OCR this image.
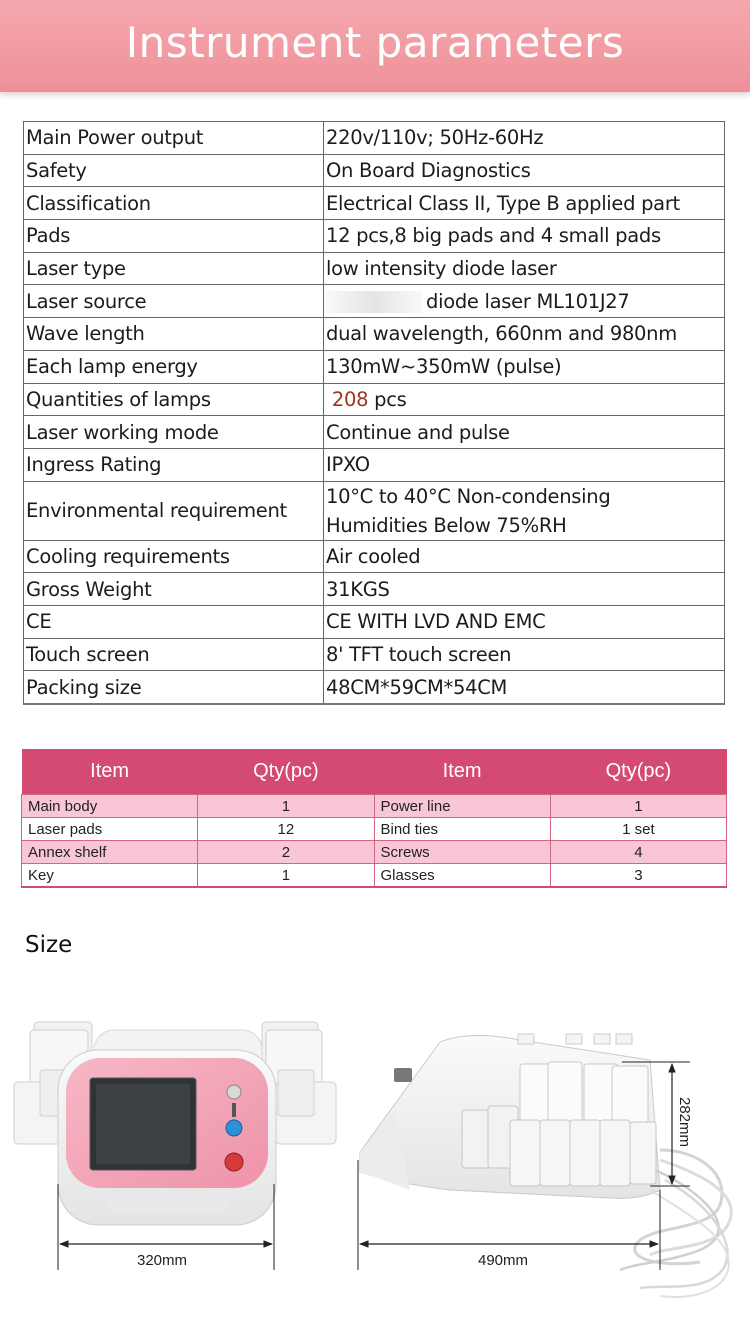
Instrument parameters
Main Power output	220v/110v; 50Hz-60Hz
Safety	On Board Diagnostics
Classification	Electrical Class II, Type B applied part
Pads	12 pcs,8 big pads and 4 small pads
Laser type	low intensity diode laser
Laser source	diode laser ML101J27
Wave length	dual wavelength, 660nm and 980nm
Each lamp energy	130mW~350mW (pulse)
Quantities of lamps	208 pcs
Laser working mode	Continue and pulse
Ingress Rating	IPXO
Environmental requirement	10°C to 40°C Non-condensing
Humidities Below 75%RH

Cooling requirements	Air cooled
Gross Weight	31KGS
CE	CE WITH LVD AND EMC
Touch screen	8' TFT touch screen
Packing size	48CM*59CM*54CM
Item	Qty(pc)	Item	Qty(pc)
Main body	1	Power line	1
Laser pads	12	Bind ties	1 set
Annex shelf	2	Screws	4
Key	1	Glasses	3
Size
320mm	490mm
282mm
